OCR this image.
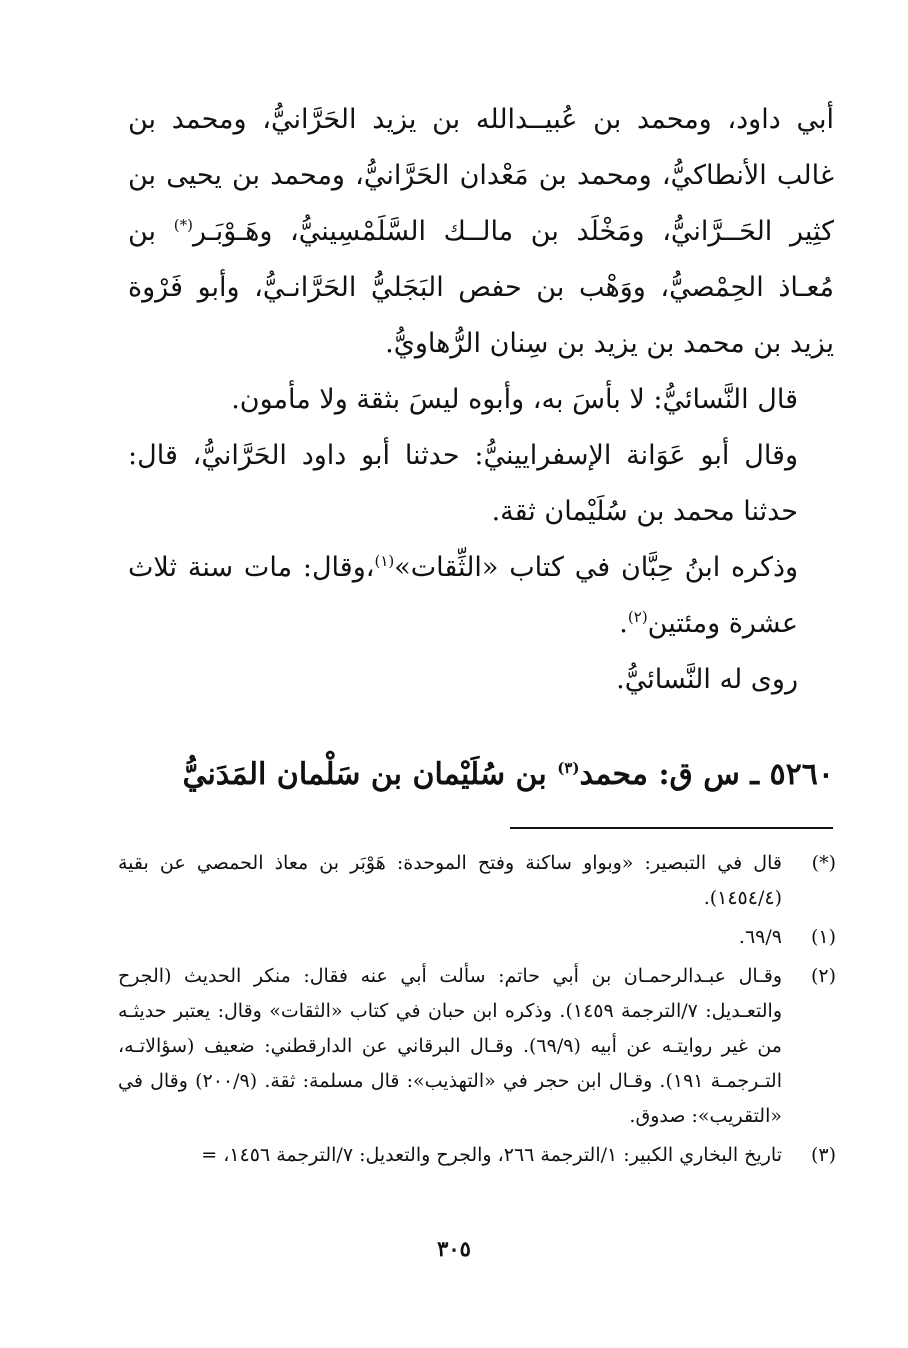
أبي داود، ومحمد بن عُبيــدالله بن يزيد الحَرَّانيُّ، ومحمد بن غالب الأنطاكيُّ، ومحمد بن مَعْدان الحَرَّانيُّ، ومحمد بن يحيى بن كثِير الحَــرَّانيُّ، ومَخْلَد بن مالــك السَّلَمْسِينيُّ، وهَـوْبَـر(*) بن مُعـاذ الحِمْصيُّ، ووَهْب بن حفص البَجَليُّ الحَرَّانـيُّ، وأبو فَرْوة يزيد بن محمد بن يزيد بن سِنان الرُّهاويُّ.

قال النَّسائيُّ: لا بأسَ به، وأبوه ليسَ بثقة ولا مأمون.

وقال أبو عَوَانة الإسفرايينيُّ: حدثنا أبو داود الحَرَّانيُّ، قال: حدثنا محمد بن سُلَيْمان ثقة.

وذكره ابنُ حِبَّان في كتاب «الثِّقات»$^{(١)}$،وقال: مات سنة ثلاث عشرة ومئتين$^{(٢)}$.

روى له النَّسائيُّ.

٥٢٦٠ ـ س ق: محمد$^{(٣)}$ بن سُلَيْمان بن سَلْمان المَدَنيُّ
(*)
قال في التبصير: «وبواو ساكنة وفتح الموحدة: هَوْبَر بن معاذ الحمصي عن بقية (١٤٥٤/٤).
(١)
٦٩/٩.
(٢)
وقـال عبـدالرحمـان بن أبي حاتم: سألت أبي عنه فقال: منكر الحديث (الجرح والتعـديل: ٧/الترجمة ١٤٥٩). وذكره ابن حبان في كتاب «الثقات» وقال: يعتبر حديثـه من غير روايتـه عن أبيه (٦٩/٩). وقـال البرقاني عن الدارقطني: ضعيف (سؤالاتـه، التـرجمـة ١٩١). وقـال ابن حجر في «التهذيب»: قال مسلمة: ثقة. (٢٠٠/٩) وقال في «التقريب»: صدوق.
(٣)
تاريخ البخاري الكبير: ١/الترجمة ٢٦٦، والجرح والتعديل: ٧/الترجمة ١٤٥٦، =
٣٠٥
